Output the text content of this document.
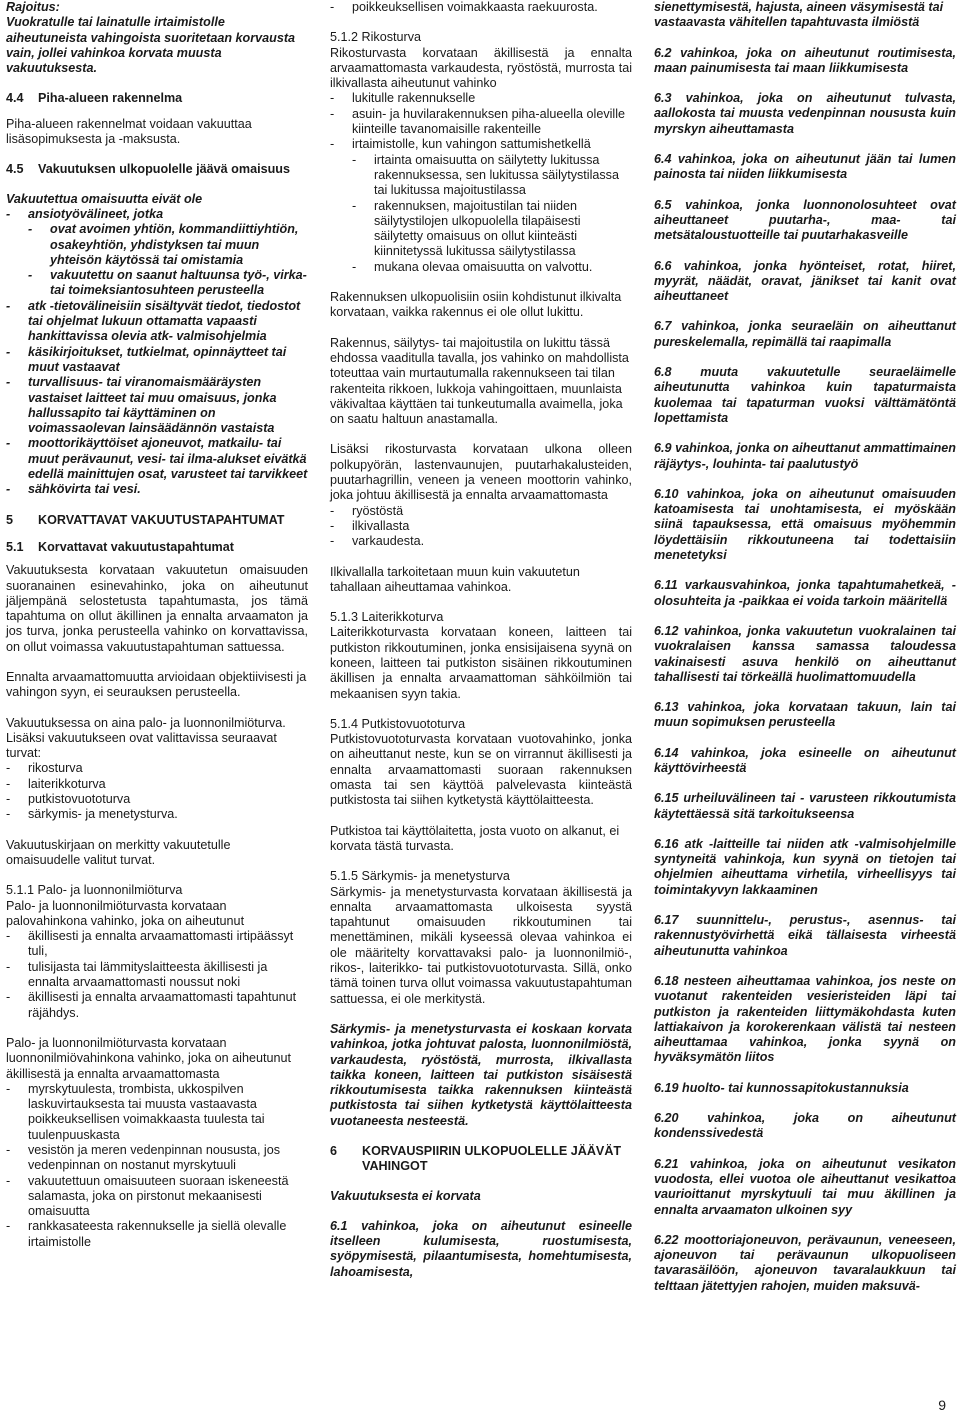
Rajoitus:
Vuokratulle tai lainatulle irtaimistolle aiheutuneista vahingoista suoritetaan korvausta vain, jollei vahinkoa korvata muusta vakuutuksesta.
4.4	Piha-alueen rakennelma
Piha-alueen rakennelmat voidaan vakuuttaa lisäsopimuksesta ja -maksusta.
4.5	Vakuutuksen ulkopuolelle jäävä omaisuus
Vakuutettua omaisuutta eivät ole
-	ansiotyövälineet, jotka
-	ovat avoimen yhtiön, kommandiittiyhtiön, osakeyhtiön, yhdistyksen tai muun yhteisön käytössä tai omistamia
-	vakuutettu on saanut haltuunsa työ-, virka- tai toimeksiantosuhteen perusteella
-	atk -tietovälineisiin sisältyvät tiedot, tiedostot tai ohjelmat lukuun ottamatta vapaasti hankittavissa olevia atk- valmisohjelmia
-	käsikirjoitukset, tutkielmat, opinnäytteet tai muut vastaavat
-	turvallisuus- tai viranomaismääräysten vastaiset laitteet tai muu omaisuus, jonka hallussapito tai käyttäminen on voimassaolevan lainsäädännön vastaista
-	moottorikäyttöiset ajoneuvot, matkailu- tai muut perävaunut, vesi- tai ilma-alukset eivätkä edellä mainittujen osat, varusteet tai tarvikkeet
-	sähkövirta tai vesi.
5	KORVATTAVAT VAKUUTUSTAPAHTUMAT
5.1	Korvattavat vakuutustapahtumat
Vakuutuksesta korvataan vakuutetun omaisuuden suoranainen esinevahinko, joka on aiheutunut jäljempänä selostetusta tapahtumasta, jos tämä tapahtuma on ollut äkillinen ja ennalta arvaamaton ja jos turva, jonka perusteella vahinko on korvattavissa, on ollut voimassa vakuutustapahtuman sattuessa.
Ennalta arvaamattomuutta arvioidaan objektiivisesti ja vahingon syyn, ei seurauksen perusteella.
Vakuutuksessa on aina palo- ja luonnonilmiöturva. Lisäksi vakuutukseen ovat valittavissa seuraavat turvat:
-	rikosturva
-	laiterikkoturva
-	putkistovuototurva
-	särkymis- ja menetysturva.
Vakuutuskirjaan on merkitty vakuutetulle omaisuudelle valitut turvat.
5.1.1 Palo- ja luonnonilmiöturva
Palo- ja luonnonilmiöturvasta korvataan palovahinkona vahinko, joka on aiheutunut
-	äkillisesti ja ennalta arvaamattomasti irtipäässyt tuli,
-	tulisijasta tai lämmityslaitteesta äkillisesti ja ennalta arvaamattomasti noussut noki
-	äkillisesti ja ennalta arvaamattomasti tapahtunut räjähdys.
Palo- ja luonnonilmiöturvasta korvataan luonnonilmiövahinkona vahinko, joka on aiheutunut äkillisestä ja ennalta arvaamattomasta
-	myrskytuulesta, trombista, ukkospilven laskuvirtauksesta tai muusta vastaavasta poikkeuksellisen voimakkaasta tuulesta tai tuulenpuuskasta
-	vesistön ja meren vedenpinnan noususta, jos vedenpinnan on nostanut myrskytuuli
-	vakuutettuun omaisuuteen suoraan iskeneestä salamasta, joka on pirstonut mekaanisesti omaisuutta
-	rankkasateesta rakennukselle ja siellä olevalle irtaimistolle
-	poikkeuksellisen voimakkaasta raekuurosta.
5.1.2 Rikosturva
Rikosturvasta korvataan äkillisestä ja ennalta arvaamattomasta varkaudesta, ryöstöstä, murrosta tai ilkivallasta aiheutunut vahinko
-	lukitulle rakennukselle
-	asuin- ja huvilarakennuksen piha-alueella oleville kiinteille tavanomaisille rakenteille
-	irtaimistolle, kun vahingon sattumishetkellä
-	irtainta omaisuutta on säilytetty lukitussa rakennuksessa, sen lukitussa säilytystilassa tai lukitussa majoitustilassa
-	rakennuksen, majoitustilan tai niiden säilytystilojen ulkopuolella tilapäisesti säilytetty omaisuus on ollut kiinteästi kiinnitetyssä lukitussa säilytystilassa
-	mukana olevaa omaisuutta on valvottu.
Rakennuksen ulkopuolisiin osiin kohdistunut ilkivalta korvataan, vaikka rakennus ei ole ollut lukittu.
Rakennus, säilytys- tai majoitustila on lukittu tässä ehdossa vaaditulla tavalla, jos vahinko on mahdollista toteuttaa vain murtautumalla rakennukseen tai tilan rakenteita rikkoen, lukkoja vahingoittaen, muunlaista väkivaltaa käyttäen tai tunkeutumalla avaimella, joka on saatu haltuun anastamalla.
Lisäksi rikosturvasta korvataan ulkona olleen polkupyörän, lastenvaunujen, puutarhakalusteiden, puutarhagrillin, veneen ja veneen moottorin vahinko, joka johtuu äkillisestä ja ennalta arvaamattomasta
-	ryöstöstä
-	ilkivallasta
-	varkaudesta.
Ilkivallalla tarkoitetaan muun kuin vakuutetun tahallaan aiheuttamaa vahinkoa.
5.1.3 Laiterikkoturva
Laiterikkoturvasta korvataan koneen, laitteen tai putkiston rikkoutuminen, jonka ensisijaisena syynä on koneen, laitteen tai putkiston sisäinen rikkoutuminen äkillisen ja ennalta arvaamattoman sähköilmiön tai mekaanisen syyn takia.
5.1.4 Putkistovuototurva
Putkistovuototurvasta korvataan vuotovahinko, jonka on aiheuttanut neste, kun se on virrannut äkillisesti ja ennalta arvaamattomasti suoraan rakennuksen omasta tai sen käyttöä palvelevasta kiinteästä putkistosta tai siihen kytketystä käyttölaitteesta.
Putkistoa tai käyttölaitetta, josta vuoto on alkanut, ei korvata tästä turvasta.
5.1.5 Särkymis- ja menetysturva
Särkymis- ja menetysturvasta korvataan äkillisestä ja ennalta arvaamattomasta ulkoisesta syystä tapahtunut omaisuuden rikkoutuminen tai menettäminen, mikäli kyseessä olevaa vahinkoa ei ole määritelty korvattavaksi palo- ja luonnonilmiö-, rikos-, laiterikko- tai putkistovuototurvasta. Sillä, onko tämä toinen turva ollut voimassa vakuutustapahtuman sattuessa, ei ole merkitystä.
Särkymis- ja menetysturvasta ei koskaan korvata vahinkoa, jotka johtuvat palosta, luonnonilmiöstä, varkaudesta, ryöstöstä, murrosta, ilkivallasta taikka koneen, laitteen tai putkiston sisäisestä rikkoutumisesta taikka rakennuksen kiinteästä putkistosta tai siihen kytketystä käyttölaitteesta vuotaneesta nesteestä.
6	KORVAUSPIIRIN ULKOPUOLELLE JÄÄVÄT VAHINGOT
Vakuutuksesta ei korvata
6.1 vahinkoa, joka on aiheutunut esineelle itselleen kulumisesta, ruostumisesta, syöpymisestä, pilaantumisesta, homehtumisesta, lahoamisesta,
sienettymisestä, hajusta, aineen väsymisestä tai vastaavasta vähitellen tapahtuvasta ilmiöstä
6.2 vahinkoa, joka on aiheutunut routimisesta, maan painumisesta tai maan liikkumisesta
6.3 vahinkoa, joka on aiheutunut tulvasta, aallokosta tai muusta vedenpinnan noususta kuin myrskyn aiheuttamasta
6.4 vahinkoa, joka on aiheutunut jään tai lumen painosta tai niiden liikkumisesta
6.5 vahinkoa, jonka luonnonolosuhteet ovat aiheuttaneet puutarha-, maa- tai metsätaloustuotteille tai puutarhakasveille
6.6 vahinkoa, jonka hyönteiset, rotat, hiiret, myyrät, näädät, oravat, jänikset tai kanit ovat aiheuttaneet
6.7 vahinkoa, jonka seuraeläin on aiheuttanut pureskelemalla, repimällä tai raapimalla
6.8 muuta vakuutetulle seuraeläimelle aiheutunutta vahinkoa kuin tapaturmaista kuolemaa tai tapaturman vuoksi välttämätöntä lopettamista
6.9 vahinkoa, jonka on aiheuttanut ammattimainen räjäytys-, louhinta- tai paalutustyö
6.10 vahinkoa, joka on aiheutunut omaisuuden katoamisesta tai unohtamisesta, ei myöskään siinä tapauksessa, että omaisuus myöhemmin löydettäisiin rikkoutuneena tai todettaisiin menetetyksi
6.11 varkausvahinkoa, jonka tapahtumahetkeä, -olosuhteita ja -paikkaa ei voida tarkoin määritellä
6.12 vahinkoa, jonka vakuutetun vuokralainen tai vuokralaisen kanssa samassa taloudessa vakinaisesti asuva henkilö on aiheuttanut tahallisesti tai törkeällä huolimattomuudella
6.13 vahinkoa, joka korvataan takuun, lain tai muun sopimuksen perusteella
6.14 vahinkoa, joka esineelle on aiheutunut käyttövirheestä
6.15 urheiluvälineen tai - varusteen rikkoutumista käytettäessä sitä tarkoitukseensa
6.16 atk -laitteille tai niiden atk -valmisohjelmille syntyneitä vahinkoja, kun syynä on tietojen tai ohjelmien aiheuttama virhetila, virheellisyys tai toimintakyvyn lakkaaminen
6.17 suunnittelu-, perustus-, asennus- tai rakennustyövirhettä eikä tällaisesta virheestä aiheutunutta vahinkoa
6.18 nesteen aiheuttamaa vahinkoa, jos neste on vuotanut rakenteiden vesieristeiden läpi tai putkiston ja rakenteiden liittymäkohdasta kuten lattiakaivon ja korokerenkaan välistä tai nesteen aiheuttamaa vahinkoa, jonka syynä on hyväksymätön liitos
6.19 huolto- tai kunnossapitokustannuksia
6.20 vahinkoa, joka on aiheutunut kondenssivedestä
6.21 vahinkoa, joka on aiheutunut vesikaton vuodosta, ellei vuotoa ole aiheuttanut vesikattoa vaurioittanut myrskytuuli tai muu äkillinen ja ennalta arvaamaton ulkoinen syy
6.22 moottoriajoneuvon, perävaunun, veneeseen, ajoneuvon tai perävaunun ulkopuoliseen tavarasäilöön, ajoneuvon tavaralaukkuun tai telttaan jätettyjen rahojen, muiden maksuvä-
9
